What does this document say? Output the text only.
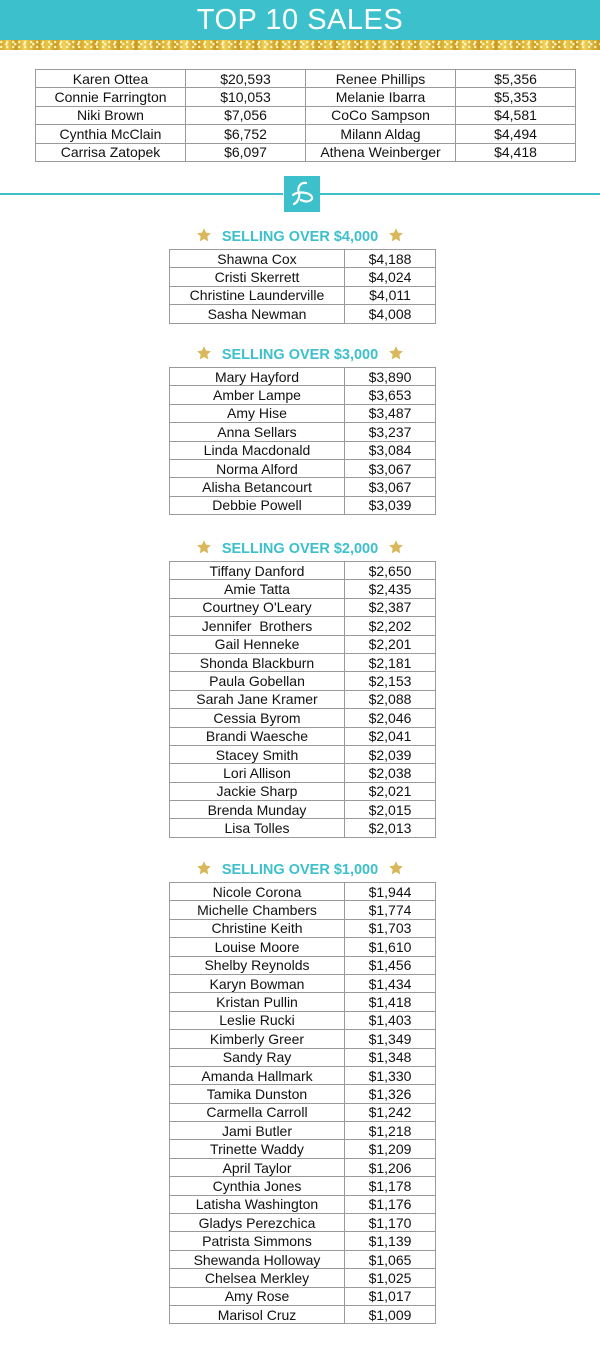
TOP 10 SALES
Karen Ottea	$20,593	Renee Phillips	$5,356
Connie Farrington	$10,053	Melanie Ibarra	$5,353
Niki Brown	$7,056	CoCo Sampson	$4,581
Cynthia McClain	$6,752	Milann Aldag	$4,494
Carrisa Zatopek	$6,097	Athena Weinberger	$4,418
SELLING OVER $4,000
Shawna Cox	$4,188
Cristi Skerrett	$4,024
Christine Launderville	$4,011
Sasha Newman	$4,008
SELLING OVER $3,000
Mary Hayford	$3,890
Amber Lampe	$3,653
Amy Hise	$3,487
Anna Sellars	$3,237
Linda Macdonald	$3,084
Norma Alford	$3,067
Alisha Betancourt	$3,067
Debbie Powell	$3,039
SELLING OVER $2,000
Tiffany Danford	$2,650
Amie Tatta	$2,435
Courtney O'Leary	$2,387
Jennifer  Brothers	$2,202
Gail Henneke	$2,201
Shonda Blackburn	$2,181
Paula Gobellan	$2,153
Sarah Jane Kramer	$2,088
Cessia Byrom	$2,046
Brandi Waesche	$2,041
Stacey Smith	$2,039
Lori Allison	$2,038
Jackie Sharp	$2,021
Brenda Munday	$2,015
Lisa Tolles	$2,013
SELLING OVER $1,000
Nicole Corona	$1,944
Michelle Chambers	$1,774
Christine Keith	$1,703
Louise Moore	$1,610
Shelby Reynolds	$1,456
Karyn Bowman	$1,434
Kristan Pullin	$1,418
Leslie Rucki	$1,403
Kimberly Greer	$1,349
Sandy Ray	$1,348
Amanda Hallmark	$1,330
Tamika Dunston	$1,326
Carmella Carroll	$1,242
Jami Butler	$1,218
Trinette Waddy	$1,209
April Taylor	$1,206
Cynthia Jones	$1,178
Latisha Washington	$1,176
Gladys Perezchica	$1,170
Patrista Simmons	$1,139
Shewanda Holloway	$1,065
Chelsea Merkley	$1,025
Amy Rose	$1,017
Marisol Cruz	$1,009
